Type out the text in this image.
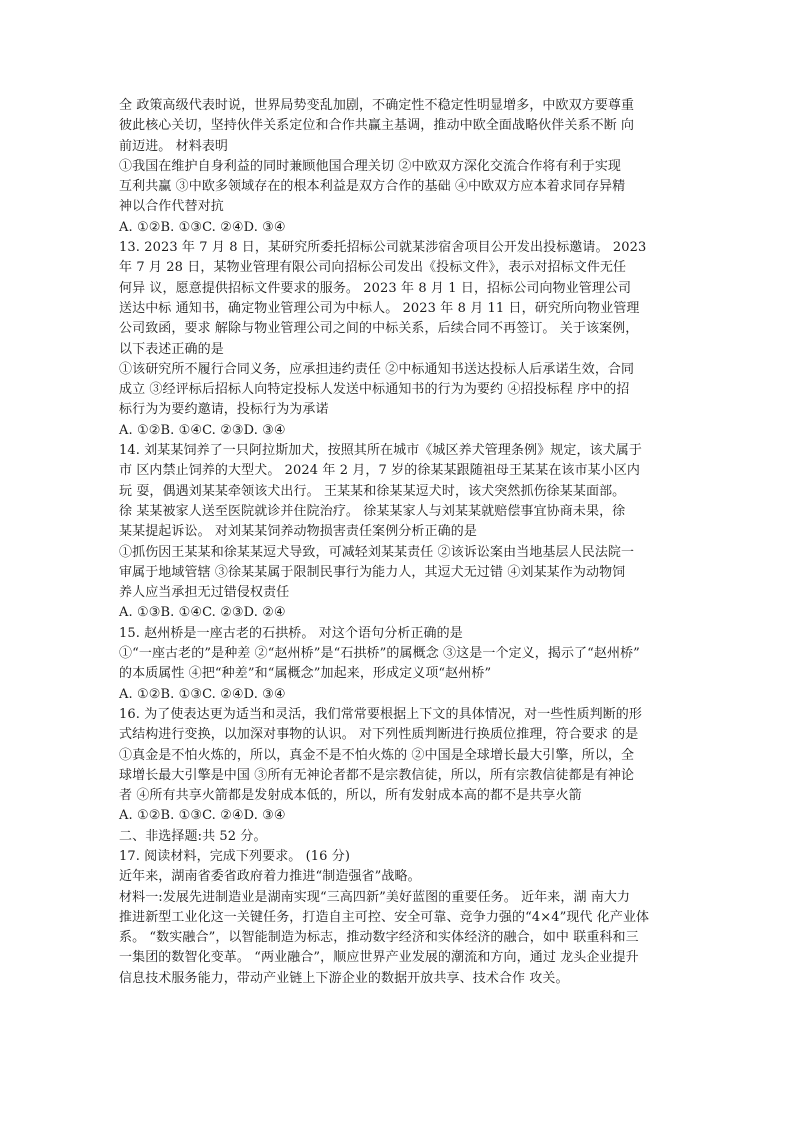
全 政策高级代表时说，世界局势变乱加剧，不确定性不稳定性明显增多，中欧双方要尊重
彼此核心关切，坚持伙伴关系定位和合作共赢主基调，推动中欧全面战略伙伴关系不断 向
前迈进。 材料表明
①我国在维护自身利益的同时兼顾他国合理关切 ②中欧双方深化交流合作将有利于实现
互利共赢 ③中欧多领域存在的根本利益是双方合作的基础 ④中欧双方应本着求同存异精
神以合作代替对抗
A. ①②B. ①③C. ②④D. ③④
13. 2023 年 7 月 8 日，某研究所委托招标公司就某涉宿舍项目公开发出投标邀请。 2023
年 7 月 28 日，某物业管理有限公司向招标公司发出《投标文件》，表示对招标文件无任
何异 议，愿意提供招标文件要求的服务。 2023 年 8 月 1 日，招标公司向物业管理公司
送达中标 通知书，确定物业管理公司为中标人。 2023 年 8 月 11 日，研究所向物业管理
公司致函，要求 解除与物业管理公司之间的中标关系，后续合同不再签订。 关于该案例，
以下表述正确的是
①该研究所不履行合同义务，应承担违约责任 ②中标通知书送达投标人后承诺生效，合同
成立 ③经评标后招标人向特定投标人发送中标通知书的行为为要约 ④招投标程 序中的招
标行为为要约邀请，投标行为为承诺
A. ①②B. ①④C. ②③D. ③④
14. 刘某某饲养了一只阿拉斯加犬，按照其所在城市《城区养犬管理条例》规定，该犬属于
市 区内禁止饲养的大型犬。 2024 年 2 月，7 岁的徐某某跟随祖母王某某在该市某小区内
玩 耍，偶遇刘某某牵领该犬出行。 王某某和徐某某逗犬时，该犬突然抓伤徐某某面部。
徐 某某被家人送至医院就诊并住院治疗。 徐某某家人与刘某某就赔偿事宜协商未果，徐
某某提起诉讼。 对刘某某饲养动物损害责任案例分析正确的是
①抓伤因王某某和徐某某逗犬导致，可减轻刘某某责任 ②该诉讼案由当地基层人民法院一
审属于地域管辖 ③徐某某属于限制民事行为能力人，其逗犬无过错 ④刘某某作为动物饲
养人应当承担无过错侵权责任
A. ①③B. ①④C. ②③D. ②④
15. 赵州桥是一座古老的石拱桥。 对这个语句分析正确的是
①“一座古老的”是种差 ②“赵州桥”是“石拱桥”的属概念 ③这是一个定义，揭示了“赵州桥”
的本质属性 ④把“种差”和“属概念”加起来，形成定义项“赵州桥”
A. ①②B. ①③C. ②④D. ③④
16. 为了使表达更为适当和灵活，我们常常要根据上下文的具体情况，对一些性质判断的形
式结构进行变换，以加深对事物的认识。 对下列性质判断进行换质位推理，符合要求 的是
①真金是不怕火炼的，所以，真金不是不怕火炼的 ②中国是全球增长最大引擎，所以，全
球增长最大引擎是中国 ③所有无神论者都不是宗教信徒，所以，所有宗教信徒都是有神论
者 ④所有共享火箭都是发射成本低的，所以，所有发射成本高的都不是共享火箭
A. ①②B. ①③C. ②④D. ③④
二、非选择题:共 52 分。
17. 阅读材料，完成下列要求。 (16 分)
近年来，湖南省委省政府着力推进“制造强省”战略。
材料一:发展先进制造业是湖南实现“三高四新”美好蓝图的重要任务。 近年来，湖 南大力
推进新型工业化这一关键任务，打造自主可控、安全可靠、竞争力强的“4×4”现代 化产业体
系。 “数实融合”，以智能制造为标志，推动数字经济和实体经济的融合，如中 联重科和三
一集团的数智化变革。 “两业融合”，顺应世界产业发展的潮流和方向，通过 龙头企业提升
信息技术服务能力，带动产业链上下游企业的数据开放共享、技术合作 攻关。
